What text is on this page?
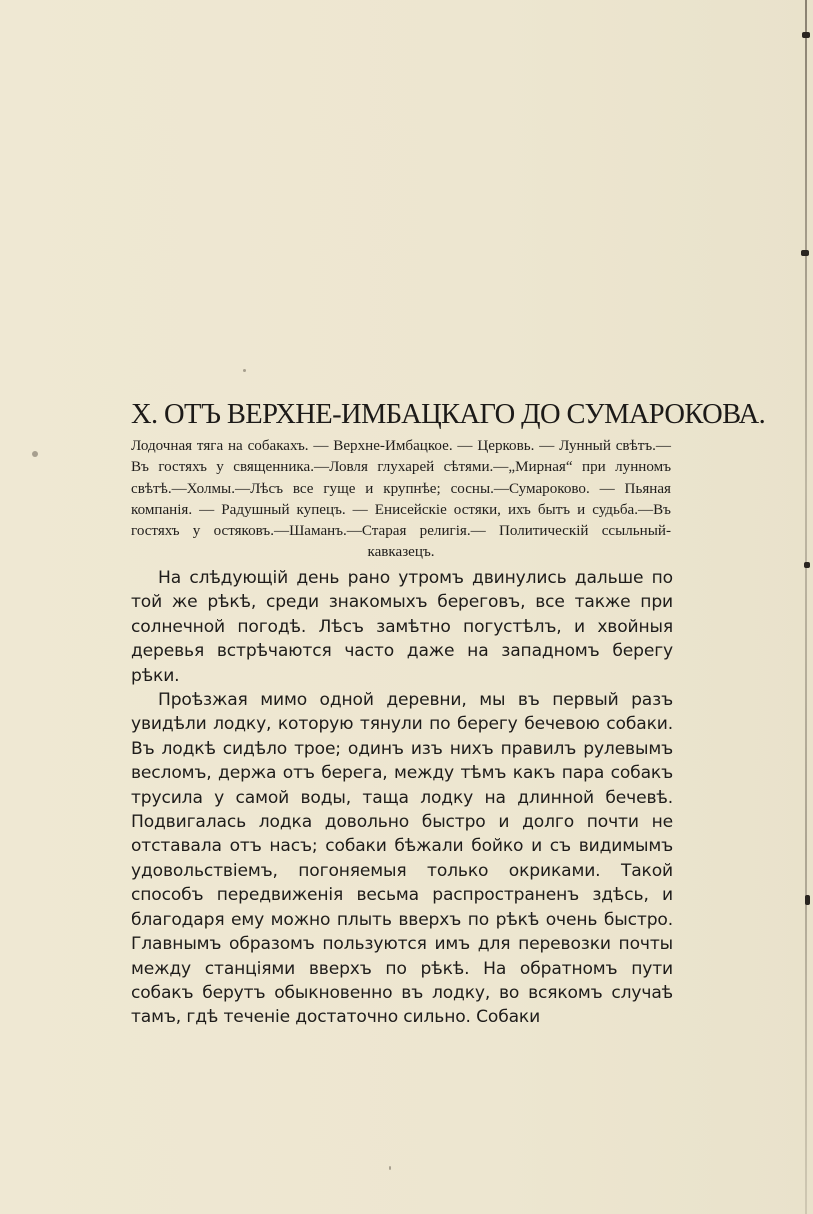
X. ОТЪ ВЕРХНЕ-ИМБАЦКАГО ДО СУМАРОКОВА.

Лодочная тяга на собакахъ. — Верхне-Имбацкое. — Церковь. — Лунный свѣтъ.—Въ гостяхъ у священника.—Ловля глухарей сѣтями.—„Мирная“ при лунномъ свѣтѣ.—Холмы.—Лѣсъ все гуще и крупнѣе; сосны.—Сумароково. — Пьяная компанія. — Радушный купецъ. — Енисейскіе остяки, ихъ бытъ и судьба.—Въ гостяхъ у остяковъ.—Шаманъ.—Старая религія.— Политическій ссыльный-кавказецъ.

На слѣдующій день рано утромъ двинулись дальше по той же рѣкѣ, среди знакомыхъ береговъ, все также при солнечной погодѣ. Лѣсъ замѣтно погустѣлъ, и хвойныя деревья встрѣчаются часто даже на западномъ берегу рѣки.

Проѣзжая мимо одной деревни, мы въ первый разъ увидѣли лодку, которую тянули по берегу бечевою собаки. Въ лодкѣ сидѣло трое; одинъ изъ нихъ правилъ рулевымъ весломъ, держа отъ берега, между тѣмъ какъ пара собакъ трусила у самой воды, таща лодку на длинной бечевѣ. Подвигалась лодка довольно быстро и долго почти не отставала отъ насъ; собаки бѣжали бойко и съ видимымъ удовольствіемъ, погоняемыя только окриками. Такой способъ передвиженія весьма распространенъ здѣсь, и благодаря ему можно плыть вверхъ по рѣкѣ очень быстро. Главнымъ образомъ пользуются имъ для перевозки почты между станціями вверхъ по рѣкѣ. На обратномъ пути собакъ берутъ обыкновенно въ лодку, во всякомъ случаѣ тамъ, гдѣ теченіе достаточно сильно. Собаки
